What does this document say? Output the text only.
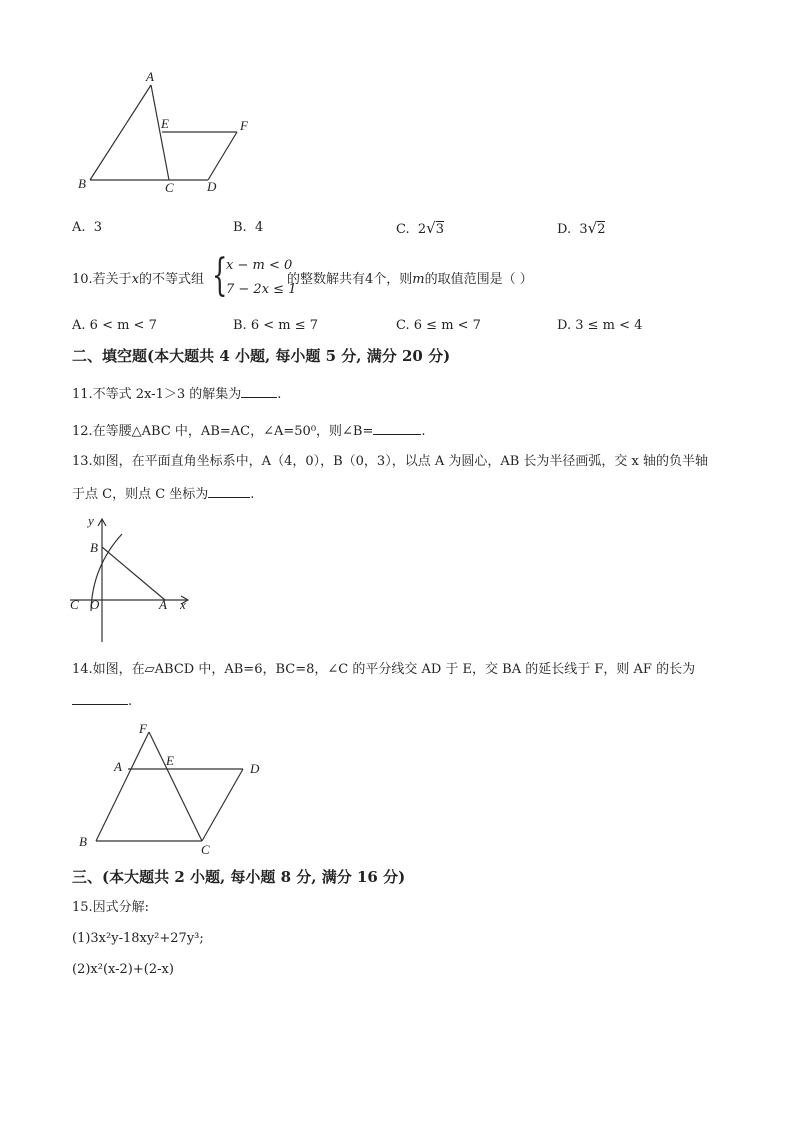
A
B	C	D
E	F
A. 3	B. 4	C. 2√3	D. 3√2
10.若关于x的不等式组 {
x − m < 0
7 − 2x ≤ 1
的整数解共有4个，则m的取值范围是（ ）
A. 6 < m < 7	B. 6 < m ≤ 7	C. 6 ≤ m < 7	D. 3 ≤ m < 4
二、填空题(本大题共 4 小题, 每小题 5 分, 满分 20 分)
11.不等式 2x-1＞3 的解集为	.
12.在等腰△ABC 中，AB=AC，∠A=50⁰，则∠B=	.
13.如图，在平面直角坐标系中，A（4，0），B（0，3），以点 A 为圆心，AB 长为半径画弧，交 x 轴的负半轴
于点 C，则点 C 坐标为	.
y
x
B
C O	A
14.如图，在▱ABCD 中，AB=6，BC=8，∠C 的平分线交 AD 于 E，交 BA 的延长线于 F，则 AF 的长为
.
F
A	E
D
B
C
三、(本大题共 2 小题, 每小题 8 分, 满分 16 分)
15.因式分解:
(1)3x²y-18xy²+27y³;
(2)x²(x-2)+(2-x)
